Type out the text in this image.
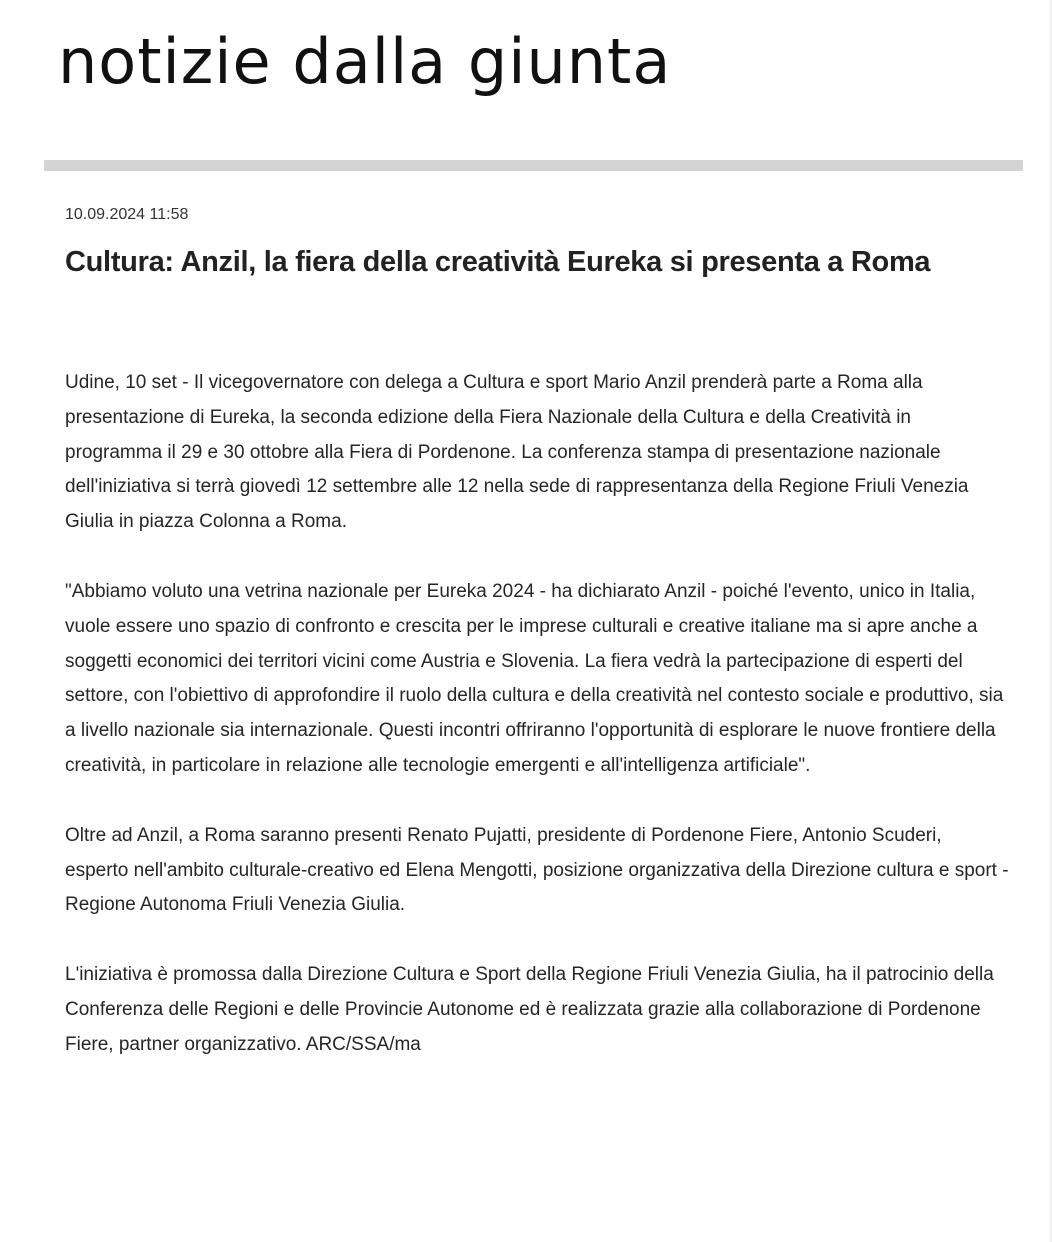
notizie dalla giunta
10.09.2024 11:58
Cultura: Anzil, la fiera della creatività Eureka si presenta a Roma

Udine, 10 set - Il vicegovernatore con delega a Cultura e sport Mario Anzil prenderà parte a Roma alla presentazione di Eureka, la seconda edizione della Fiera Nazionale della Cultura e della Creatività in programma il 29 e 30 ottobre alla Fiera di Pordenone. La conferenza stampa di presentazione nazionale dell'iniziativa si terrà giovedì 12 settembre alle 12 nella sede di rappresentanza della Regione Friuli Venezia Giulia in piazza Colonna a Roma.

"Abbiamo voluto una vetrina nazionale per Eureka 2024 - ha dichiarato Anzil - poiché l'evento, unico in Italia, vuole essere uno spazio di confronto e crescita per le imprese culturali e creative italiane ma si apre anche a soggetti economici dei territori vicini come Austria e Slovenia. La fiera vedrà la partecipazione di esperti del settore, con l'obiettivo di approfondire il ruolo della cultura e della creatività nel contesto sociale e produttivo, sia a livello nazionale sia internazionale. Questi incontri offriranno l'opportunità di esplorare le nuove frontiere della creatività, in particolare in relazione alle tecnologie emergenti e all'intelligenza artificiale".

Oltre ad Anzil, a Roma saranno presenti Renato Pujatti, presidente di Pordenone Fiere, Antonio Scuderi, esperto nell'ambito culturale-creativo ed Elena Mengotti, posizione organizzativa della Direzione cultura e sport - Regione Autonoma Friuli Venezia Giulia.

L'iniziativa è promossa dalla Direzione Cultura e Sport della Regione Friuli Venezia Giulia, ha il patrocinio della Conferenza delle Regioni e delle Provincie Autonome ed è realizzata grazie alla collaborazione di Pordenone Fiere, partner organizzativo. ARC/SSA/ma
